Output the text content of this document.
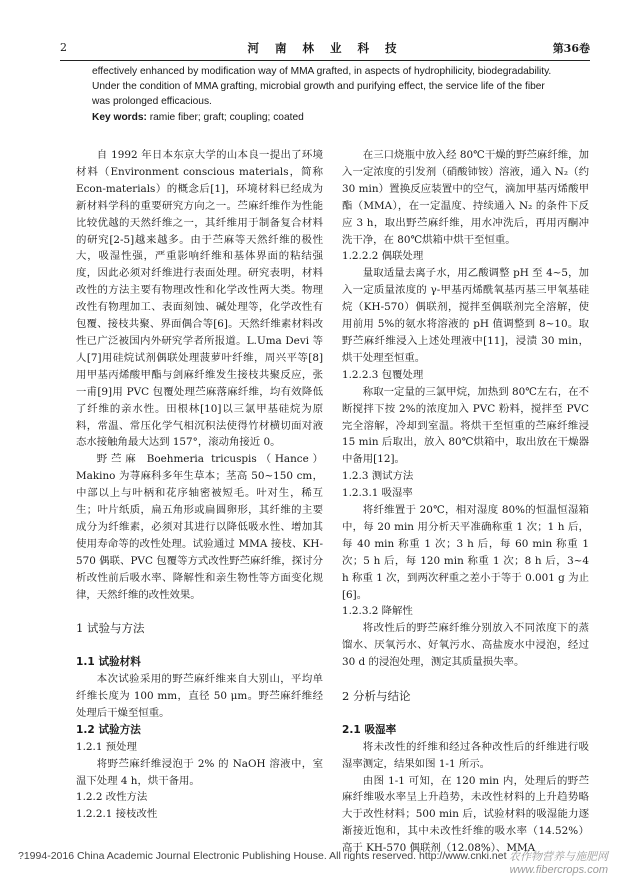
2	河 南 林 业 科 技	第36卷

effectively enhanced by modification way of MMA grafted, in aspects of hydrophilicity, biodegradability.

Under the condition of MMA grafting, microbial growth and purifying effect, the service life of the fiber

was prolonged efficacious.

Key words: ramie fiber; graft; coupling; coated

自 1992 年日本东京大学的山本良一提出了环境材料（Environment conscious materials，简称 Econ-materials）的概念后[1]，环境材料已经成为新材料学科的重要研究方向之一。苎麻纤维作为性能比较优越的天然纤维之一，其纤维用于制备复合材料的研究[2-5]越来越多。由于苎麻等天然纤维的极性大，吸湿性强，严重影响纤维和基体界面的粘结强度，因此必须对纤维进行表面处理。研究表明，材料改性的方法主要有物理改性和化学改性两大类。物理改性有物理加工、表面刻蚀、碱处理等，化学改性有包覆、接枝共聚、界面偶合等[6]。天然纤维素材料改性已广泛被国内外研究学者所报道。L.Uma Devi 等人[7]用硅烷试剂偶联处理菠萝叶纤维，周兴平等[8]用甲基丙烯酸甲酯与剑麻纤维发生接枝共聚反应，张一甫[9]用 PVC 包覆处理苎麻落麻纤维，均有效降低了纤维的亲水性。田根林[10]以三氯甲基硅烷为原料，常温、常压化学气相沉积法使得竹材横切面对液态水接触角最大达到 157°，滚动角接近 0。

野苎麻 Boehmeria tricuspis（Hance）Makino 为荨麻科多年生草本；茎高 50~150 cm，中部以上与叶柄和花序轴密被短毛。叶对生，稀互生；叶片纸质，扁五角形或扁圆卵形，其纤维的主要成分为纤维素，必须对其进行以降低吸水性、增加其使用寿命等的改性处理。试验通过 MMA 接枝、KH-570 偶联、PVC 包覆等方式改性野苎麻纤维，探讨分析改性前后吸水率、降解性和亲生物性等方面变化规律，天然纤维的改性效果。

1 试验与方法

1.1 试验材料

本次试验采用的野苎麻纤维来自大别山，平均单纤维长度为 100 mm，直径 50 μm。野苎麻纤维经处理后干燥至恒重。

1.2 试验方法

1.2.1 预处理

将野苎麻纤维浸泡于 2% 的 NaOH 溶液中，室温下处理 4 h，烘干备用。

1.2.2 改性方法

1.2.2.1 接枝改性

在三口烧瓶中放入经 80℃干燥的野苎麻纤维，加入一定浓度的引发剂（硝酸铈铵）溶液，通入 N₂（约 30 min）置换反应装置中的空气，滴加甲基丙烯酸甲酯（MMA），在一定温度、持续通入 N₂ 的条件下反应 3 h，取出野苎麻纤维，用水冲洗后，再用丙酮冲洗干净，在 80℃烘箱中烘干至恒重。

1.2.2.2 偶联处理

量取适量去离子水，用乙酸调整 pH 至 4~5，加入一定质量浓度的 γ-甲基丙烯酰氧基丙基三甲氧基硅烷（KH-570）偶联剂，搅拌至偶联剂完全溶解，使用前用 5%的氨水将溶液的 pH 值调整到 8~10。取野苎麻纤维浸入上述处理液中[11]，浸渍 30 min，烘干处理至恒重。

1.2.2.3 包覆处理

称取一定量的三氯甲烷，加热到 80℃左右，在不断搅拌下按 2%的浓度加入 PVC 粉料，搅拌至 PVC 完全溶解，冷却到室温。将烘干至恒重的苎麻纤维浸 15 min 后取出，放入 80℃烘箱中，取出放在干燥器中备用[12]。

1.2.3 测试方法

1.2.3.1 吸湿率

将纤维置于 20℃，相对湿度 80%的恒温恒湿箱中，每 20 min 用分析天平准确称重 1 次；1 h 后，每 40 min 称重 1 次；3 h 后，每 60 min 称重 1 次；5 h 后，每 120 min 称重 1 次；8 h 后，3~4 h 称重 1 次，到两次秤重之差小于等于 0.001 g 为止[6]。

1.2.3.2 降解性

将改性后的野苎麻纤维分别放入不同浓度下的蒸馏水、厌氧污水、好氧污水、高盐废水中浸泡，经过 30 d 的浸泡处理，测定其质量损失率。

2 分析与结论

2.1 吸湿率

将未改性的纤维和经过各种改性后的纤维进行吸湿率测定，结果如图 1-1 所示。

由图 1-1 可知，在 120 min 内，处理后的野苎麻纤维吸水率呈上升趋势，未改性材料的上升趋势略大于改性材料；500 min 后，试验材料的吸湿能力逐渐接近饱和，其中未改性纤维的吸水率（14.52%）高于 KH-570 偶联剂（12.08%）、MMA

?1994-2016 China Academic Journal Electronic Publishing House. All rights reserved. http://www.cnki.net 农作物营养与施肥网
www.fibercrops.com
